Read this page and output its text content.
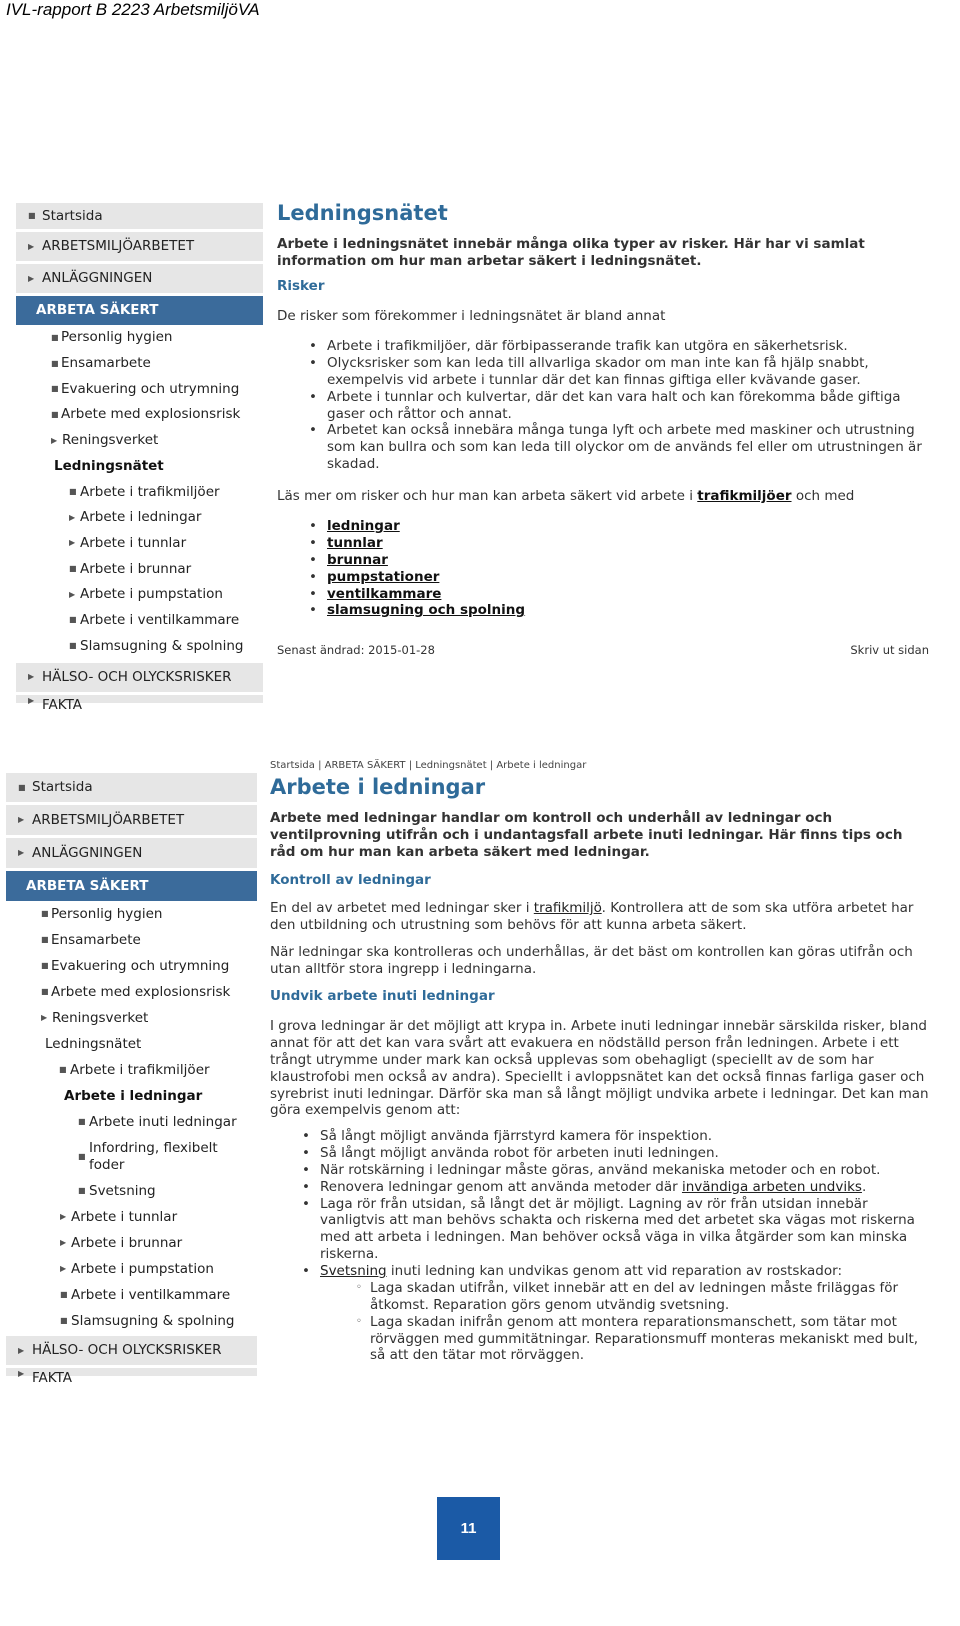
IVL-rapport B 2223 ArbetsmiljöVA
■ Startsida
▶ ARBETSMILJÖARBETET
▶ ANLÄGGNINGEN
ARBETA SÄKERT
■ Personlig hygien
■ Ensamarbete
■ Evakuering och utrymning
■ Arbete med explosionsrisk
▶ Reningsverket
Ledningsnätet
■ Arbete i trafikmiljöer
▶ Arbete i ledningar
▶ Arbete i tunnlar
■ Arbete i brunnar
▶ Arbete i pumpstation
■ Arbete i ventilkammare
■ Slamsugning & spolning
▶ HÄLSO- OCH OLYCKSRISKER
▶ FAKTA
Ledningsnätet
Arbete i ledningsnätet innebär många olika typer av risker. Här har vi samlat information om hur man arbetar säkert i ledningsnätet.
Risker
De risker som förekommer i ledningsnätet är bland annat
• Arbete i trafikmiljöer, där förbipasserande trafik kan utgöra en säkerhetsrisk.
• Olycksrisker som kan leda till allvarliga skador om man inte kan få hjälp snabbt, exempelvis vid arbete i tunnlar där det kan finnas giftiga eller kvävande gaser.
• Arbete i tunnlar och kulvertar, där det kan vara halt och kan förekomma både giftiga gaser och råttor och annat.
• Arbetet kan också innebära många tunga lyft och arbete med maskiner och utrustning som kan bullra och som kan leda till olyckor om de används fel eller om utrustningen är skadad.
Läs mer om risker och hur man kan arbeta säkert vid arbete i trafikmiljöer och med
• ledningar
• tunnlar
• brunnar
• pumpstationer
• ventilkammare
• slamsugning och spolning
Senast ändrad: 2015-01-28	Skriv ut sidan
■ Startsida
▶ ARBETSMILJÖARBETET
▶ ANLÄGGNINGEN
ARBETA SÄKERT
■ Personlig hygien
■ Ensamarbete
■ Evakuering och utrymning
■ Arbete med explosionsrisk
▶ Reningsverket
Ledningsnätet
■ Arbete i trafikmiljöer
Arbete i ledningar
■ Arbete inuti ledningar
■
Infordring, flexibelt foder
■ Svetsning
▶ Arbete i tunnlar
▶ Arbete i brunnar
▶ Arbete i pumpstation
■ Arbete i ventilkammare
■ Slamsugning & spolning
▶ HÄLSO- OCH OLYCKSRISKER
▶ FAKTA
Startsida | ARBETA SÄKERT | Ledningsnätet | Arbete i ledningar
Arbete i ledningar
Arbete med ledningar handlar om kontroll och underhåll av ledningar och ventilprovning utifrån och i undantagsfall arbete inuti ledningar. Här finns tips och råd om hur man kan arbeta säkert med ledningar.
Kontroll av ledningar
En del av arbetet med ledningar sker i trafikmiljö. Kontrollera att de som ska utföra arbetet har den utbildning och utrustning som behövs för att kunna arbeta säkert.
När ledningar ska kontrolleras och underhållas, är det bäst om kontrollen kan göras utifrån och utan alltför stora ingrepp i ledningarna.
Undvik arbete inuti ledningar
I grova ledningar är det möjligt att krypa in. Arbete inuti ledningar innebär särskilda risker, bland annat för att det kan vara svårt att evakuera en nödställd person från ledningen. Arbete i ett trångt utrymme under mark kan också upplevas som obehagligt (speciellt av de som har klaustrofobi men också av andra). Speciellt i avloppsnätet kan det också finnas farliga gaser och syrebrist inuti ledningar. Därför ska man så långt möjligt undvika arbete i ledningar. Det kan man göra exempelvis genom att:
• Så långt möjligt använda fjärrstyrd kamera för inspektion.
• Så långt möjligt använda robot för arbeten inuti ledningen.
• När rotskärning i ledningar måste göras, använd mekaniska metoder och en robot.
• Renovera ledningar genom att använda metoder där invändiga arbeten undviks.
• Laga rör från utsidan, så långt det är möjligt. Lagning av rör från utsidan innebär vanligtvis att man behövs schakta och riskerna med det arbetet ska vägas mot riskerna med att arbeta i ledningen. Man behöver också väga in vilka åtgärder som kan minska riskerna.
• Svetsning inuti ledning kan undvikas genom att vid reparation av rostskador:
◦ Laga skadan utifrån, vilket innebär att en del av ledningen måste friläggas för åtkomst. Reparation görs genom utvändig svetsning.
◦ Laga skadan inifrån genom att montera reparationsmanschett, som tätar mot rörväggen med gummitätningar. Reparationsmuff monteras mekaniskt med bult, så att den tätar mot rörväggen.
11
